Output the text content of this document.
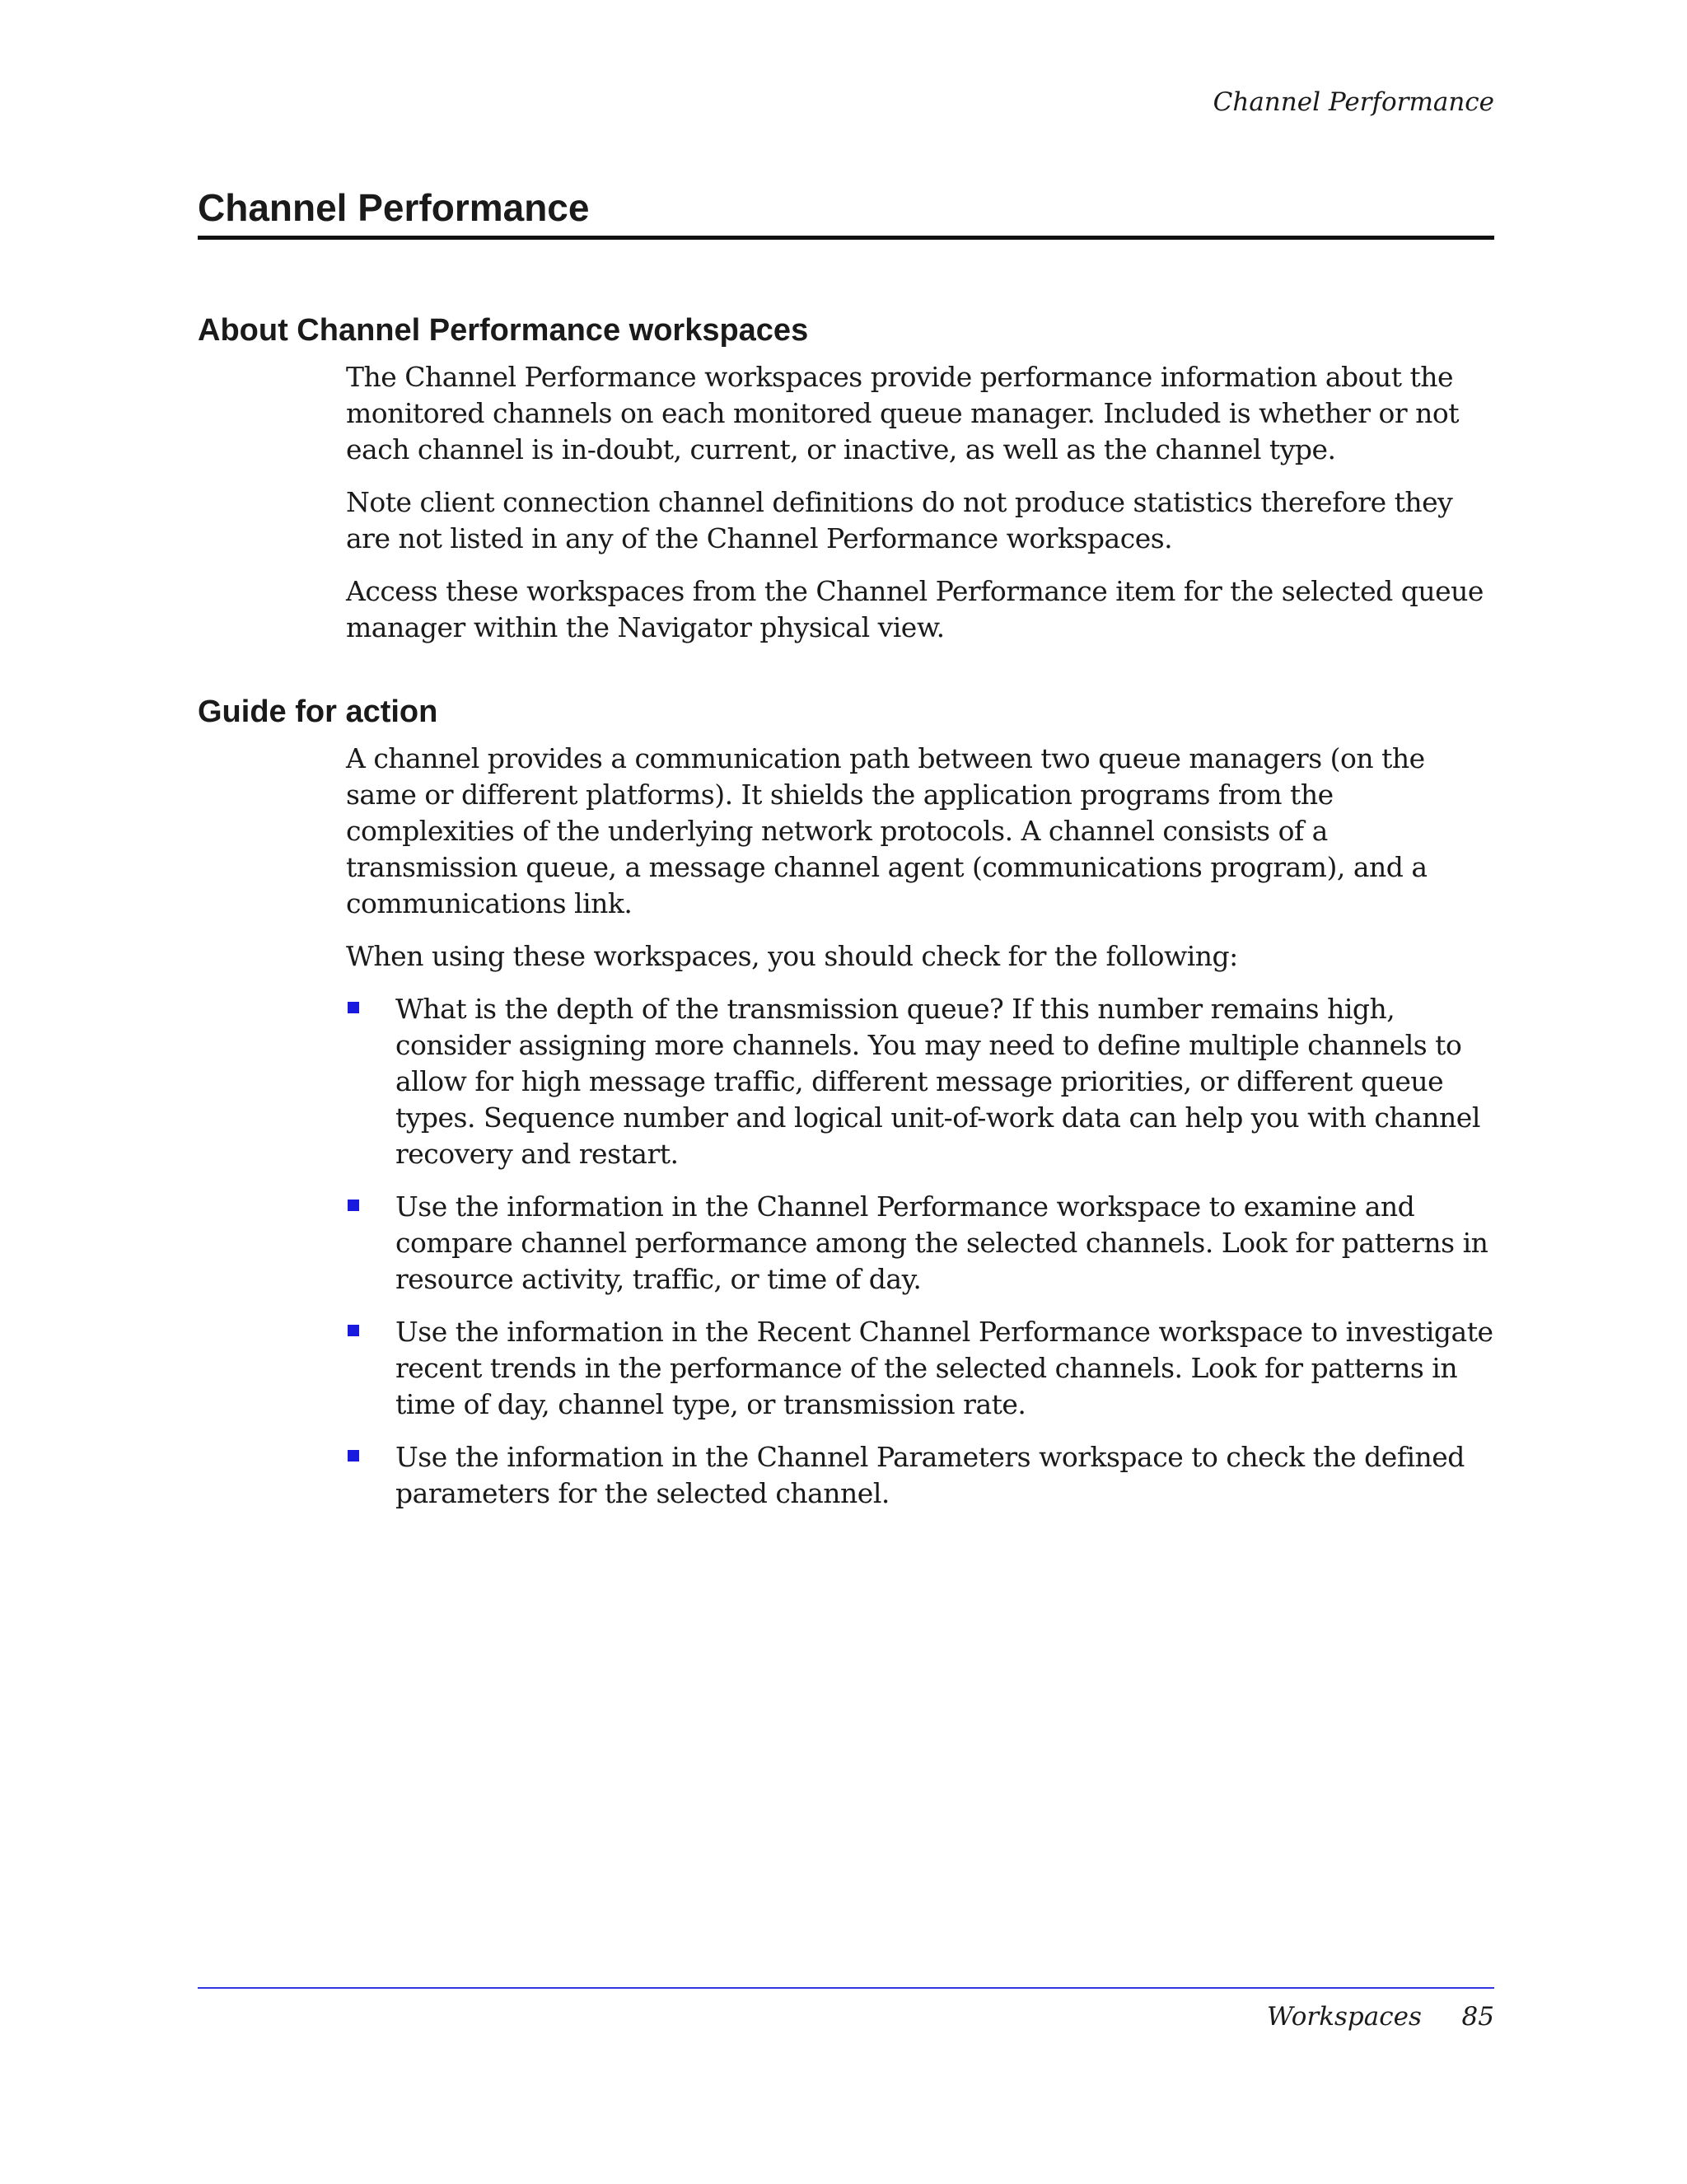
Channel Performance
Channel Performance
About Channel Performance workspaces

The Channel Performance workspaces provide performance information about the monitored channels on each monitored queue manager. Included is whether or not each channel is in-doubt, current, or inactive, as well as the channel type.

Note client connection channel definitions do not produce statistics therefore they are not listed in any of the Channel Performance workspaces.

Access these workspaces from the Channel Performance item for the selected queue manager within the Navigator physical view.

Guide for action

A channel provides a communication path between two queue managers (on the same or different platforms). It shields the application programs from the complexities of the underlying network protocols. A channel consists of a transmission queue, a message channel agent (communications program), and a communications link.

When using these workspaces, you should check for the following:

What is the depth of the transmission queue? If this number remains high, consider assigning more channels. You may need to define multiple channels to allow for high message traffic, different message priorities, or different queue types. Sequence number and logical unit-of-work data can help you with channel recovery and restart.
Use the information in the Channel Performance workspace to examine and compare channel performance among the selected channels. Look for patterns in resource activity, traffic, or time of day.
Use the information in the Recent Channel Performance workspace to investigate recent trends in the performance of the selected channels. Look for patterns in time of day, channel type, or transmission rate.
Use the information in the Channel Parameters workspace to check the defined parameters for the selected channel.
Workspaces 85
